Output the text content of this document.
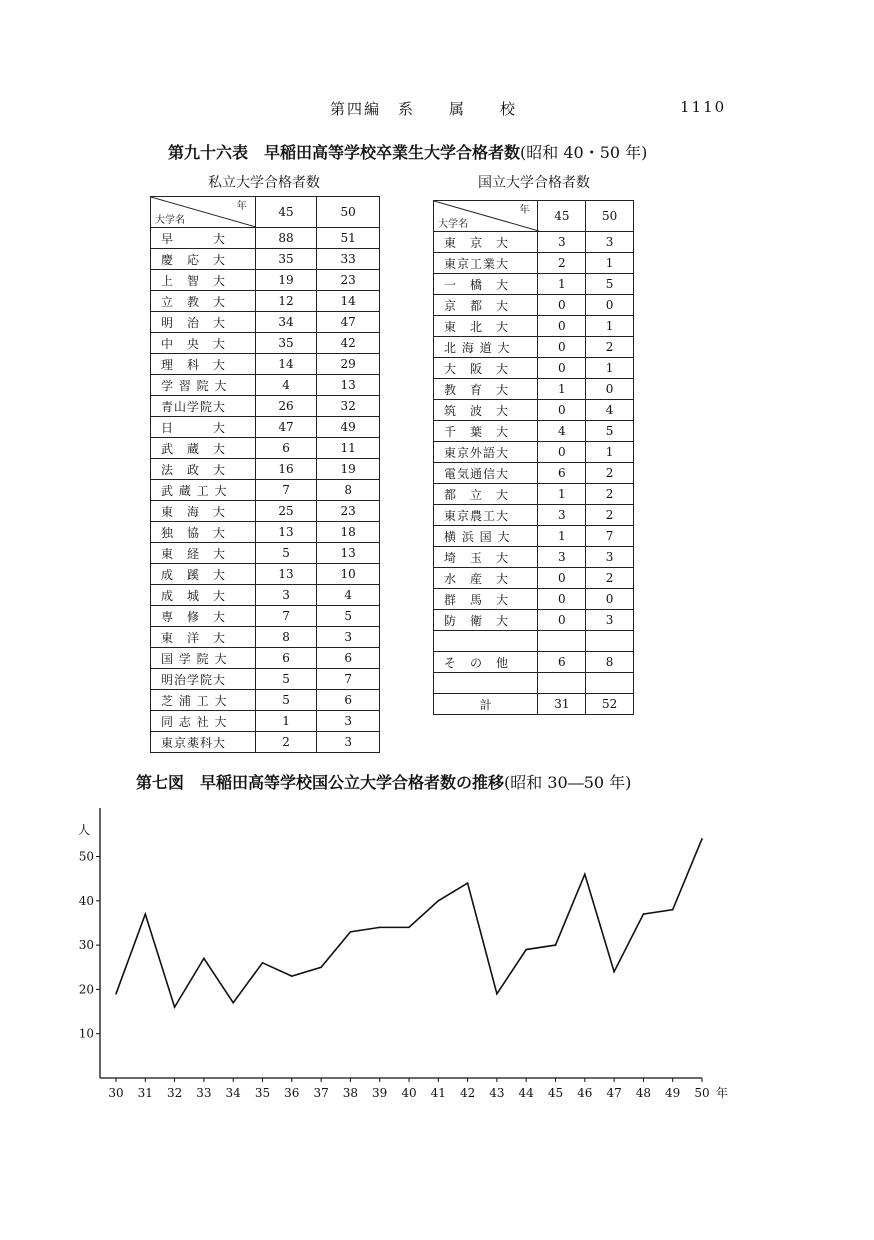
第四編　系　　属　　校	1110
第九十六表　早稲田高等学校卒業生大学合格者数(昭和 40・50 年)
私立大学合格者数	国立大学合格者数
年
大学名	45	50
早　　　大	88	51
慶　応　大	35	33
上　智　大	19	23
立　教　大	12	14
明　治　大	34	47
中　央　大	35	42
理　科　大	14	29
学 習 院 大	4	13
青山学院大	26	32
日　　　大	47	49
武　蔵　大	6	11
法　政　大	16	19
武 蔵 工 大	7	8
東　海　大	25	23
独　協　大	13	18
東　経　大	5	13
成　蹊　大	13	10
成　城　大	3	4
専　修　大	7	5
東　洋　大	8	3
国 学 院 大	6	6
明治学院大	5	7
芝 浦 工 大	5	6
同 志 社 大	1	3
東京薬科大	2	3
年
大学名	45	50
東　京　大	3	3
東京工業大	2	1
一　橋　大	1	5
京　都　大	0	0
東　北　大	0	1
北 海 道 大	0	2
大　阪　大	0	1
教　育　大	1	0
筑　波　大	0	4
千　葉　大	4	5
東京外語大	0	1
電気通信大	6	2
都　立　大	1	2
東京農工大	3	2
横 浜 国 大	1	7
埼　玉　大	3	3
水　産　大	0	2
群　馬　大	0	0
防　衛　大	0	3

そ　の　他	6	8

計	31	52
第七図　早稲田高等学校国公立大学合格者数の推移(昭和 30―50 年)
人
年
10
20
30
40
50
30 31 32 33 34 35 36 37 38 39 40 41 42 43 44 45 46 47 48 49 50
